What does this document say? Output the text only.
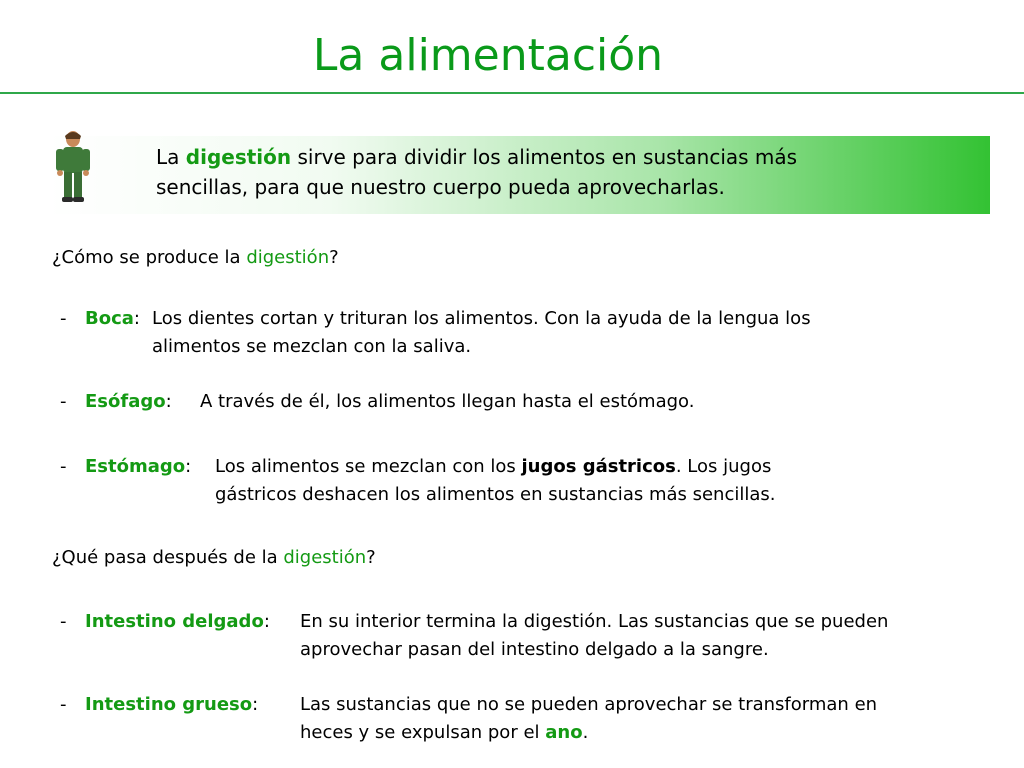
La alimentación
La digestión sirve para dividir los alimentos en sustancias más
sencillas, para que nuestro cuerpo pueda aprovecharlas.
¿Cómo se produce la digestión?
- Boca: Los dientes cortan y trituran los alimentos. Con la ayuda de la lengua los
alimentos se mezclan con la saliva.
- Esófago: A través de él, los alimentos llegan hasta el estómago.
- Estómago: Los alimentos se mezclan con los jugos gástricos. Los jugos
gástricos deshacen los alimentos en sustancias más sencillas.
¿Qué pasa después de la digestión?
- Intestino delgado: En su interior termina la digestión. Las sustancias que se pueden
aprovechar pasan del intestino delgado a la sangre.
- Intestino grueso: Las sustancias que no se pueden aprovechar se transforman en
heces y se expulsan por el ano.
